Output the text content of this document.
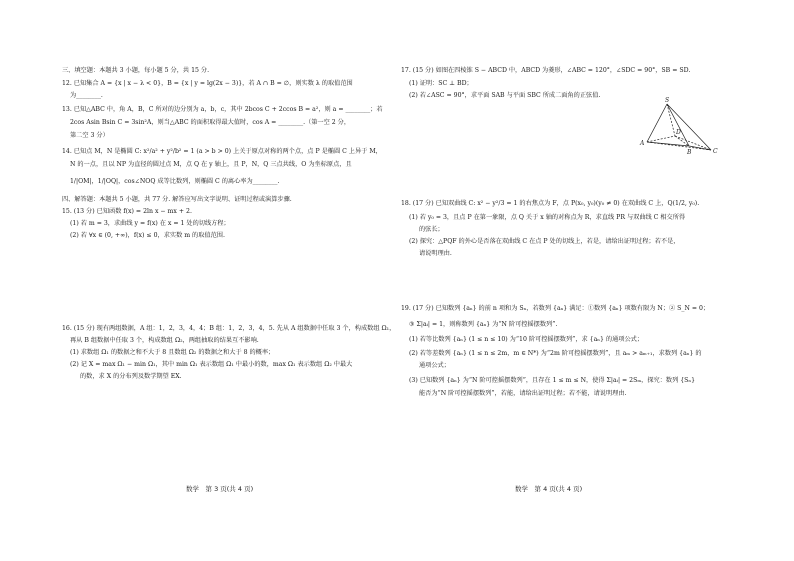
三、填空题：本题共 3 小题，每小题 5 分，共 15 分.
12. 已知集合 A = {x | x − λ < 0}，B = {x | y = lg(2x − 3)}，若 A ∩ B = ∅，则实数 λ 的取值范围
为________.
13. 已知△ABC 中，角 A，B，C 所对的边分别为 a，b，c，其中 2bcos C + 2ccos B = a²，则 a = ________；若
2cos Asin Bsin C = 3sin²A，则当△ABC 的面积取得最大值时，cos A = ________.（第一空 2 分，
第二空 3 分）
14. 已知点 M，N 是椭圆 C: x²/a² + y²/b² = 1 (a > b > 0) 上关于原点对称的两个点，点 P 是椭圆 C 上异于 M，
N 的一点，且以 NP 为直径的圆过点 M，点 Q 在 y 轴上，且 P，N，Q 三点共线，O 为坐标原点，且
1/|OM|，1/|OQ|，cos∠NOQ 成等比数列，则椭圆 C 的离心率为________.
四、解答题：本题共 5 小题，共 77 分. 解答应写出文字说明、证明过程或演算步骤.
15. (13 分) 已知函数 f(x) = 2ln x − mx + 2.
(1) 若 m = 3，求曲线 y = f(x) 在 x = 1 处的切线方程；
(2) 若 ∀x ∈ (0, +∞)，f(x) ≤ 0，求实数 m 的取值范围.
16. (15 分) 现有两组数据，A 组：1，2，3，4，4；B 组：1，2，3，4，5. 先从 A 组数据中任取 3 个，构成数组 Ω₁，
再从 B 组数据中任取 3 个，构成数组 Ω₂，两组抽取的结果互不影响.
(1) 求数组 Ω₁ 的数据之和不大于 8 且数组 Ω₂ 的数据之和大于 8 的概率；
(2) 记 X = max Ω₁ − min Ω₁，其中 min Ω₁ 表示数组 Ω₁ 中最小的数，max Ω₁ 表示数组 Ω₂ 中最大
的数，求 X 的分布列及数学期望 EX.
数学　第 3 页(共 4 页)
17. (15 分) 如图在四棱锥 S − ABCD 中，ABCD 为菱形，∠ABC = 120°，∠SDC = 90°，SB = SD.
(1) 证明：SC ⊥ BD；
(2) 若∠ASC = 90°，求平面 SAB 与平面 SBC 所成二面角的正弦值.
S
A
B	C
D
18. (17 分) 已知双曲线 C: x² − y²/3 = 1 的右焦点为 F，点 P(x₀, y₀)(y₀ ≠ 0) 在双曲线 C 上，Q(1/2, y₀).
(1) 若 y₀ = 3，且点 P 在第一象限，点 Q 关于 x 轴的对称点为 R，求直线 PR 与双曲线 C 相交所得
的弦长；
(2) 探究：△PQF 的外心是否落在双曲线 C 在点 P 处的切线上，若是，请给出证明过程；若不是，
请说明理由.
19. (17 分) 已知数列 {aₙ} 的前 n 项和为 Sₙ，若数列 {aₙ} 满足：①数列 {aₙ} 项数有限为 N；② S_N = 0；
③ Σ|aᵢ| = 1，则称数列 {aₙ} 为“N 阶可控摇摆数列”.
(1) 若等比数列 {aₙ} (1 ≤ n ≤ 10) 为“10 阶可控摇摆数列”，求 {aₙ} 的通项公式；
(2) 若等差数列 {aₙ} (1 ≤ n ≤ 2m，m ∈ N*) 为“2m 阶可控摇摆数列”，且 aₘ > aₘ₊₁，求数列 {aₙ} 的
通项公式；
(3) 已知数列 {aₙ} 为“N 阶可控摇摆数列”，且存在 1 ≤ m ≤ N，使得 Σ|aᵢ| = 2Sₘ，探究：数列 {Sₙ}
能否为“N 阶可控摇摆数列”，若能，请给出证明过程；若不能，请说明理由.
数学　第 4 页(共 4 页)
